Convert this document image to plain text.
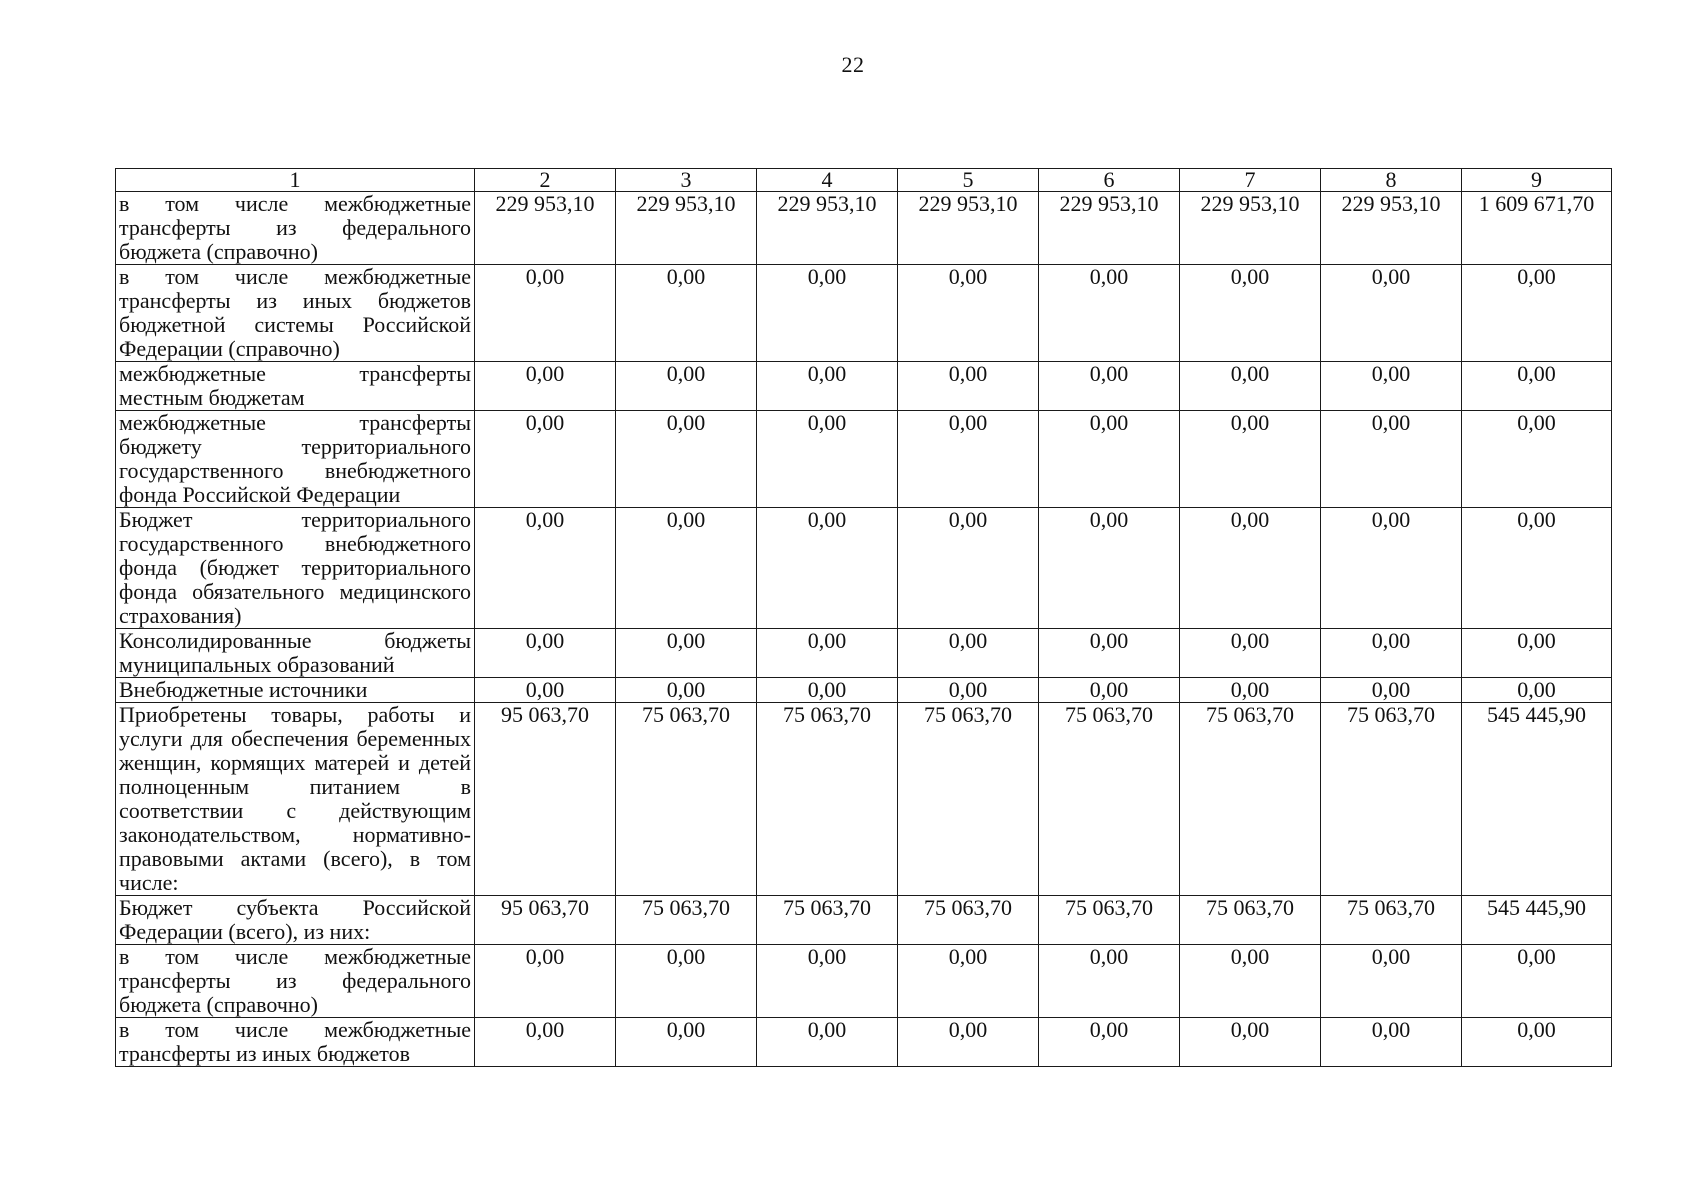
22
1	2	3	4	5	6	7	8	9
в том числе межбюджетные трансферты из федерального бюджета (справочно)	229 953,10	229 953,10	229 953,10	229 953,10	229 953,10	229 953,10	229 953,10	1 609 671,70
в том числе межбюджетные трансферты из иных бюджетов бюджетной системы Российской Федерации (справочно)	0,00	0,00	0,00	0,00	0,00	0,00	0,00	0,00
межбюджетные трансферты местным бюджетам	0,00	0,00	0,00	0,00	0,00	0,00	0,00	0,00
межбюджетные трансферты бюджету территориального государственного внебюджетного фонда Российской Федерации	0,00	0,00	0,00	0,00	0,00	0,00	0,00	0,00
Бюджет территориального государственного внебюджетного фонда (бюджет территориального фонда обязательного медицинского страхования)	0,00	0,00	0,00	0,00	0,00	0,00	0,00	0,00
Консолидированные бюджеты муниципальных образований	0,00	0,00	0,00	0,00	0,00	0,00	0,00	0,00
Внебюджетные источники	0,00	0,00	0,00	0,00	0,00	0,00	0,00	0,00
Приобретены товары, работы и услуги для обеспечения беременных женщин, кормящих матерей и детей полноценным питанием в соответствии с действующим законодательством, нормативно-правовыми актами (всего), в том числе:	95 063,70	75 063,70	75 063,70	75 063,70	75 063,70	75 063,70	75 063,70	545 445,90
Бюджет субъекта Российской Федерации (всего), из них:	95 063,70	75 063,70	75 063,70	75 063,70	75 063,70	75 063,70	75 063,70	545 445,90
в том числе межбюджетные трансферты из федерального бюджета (справочно)	0,00	0,00	0,00	0,00	0,00	0,00	0,00	0,00
в том числе межбюджетные трансферты из иных бюджетов	0,00	0,00	0,00	0,00	0,00	0,00	0,00	0,00
